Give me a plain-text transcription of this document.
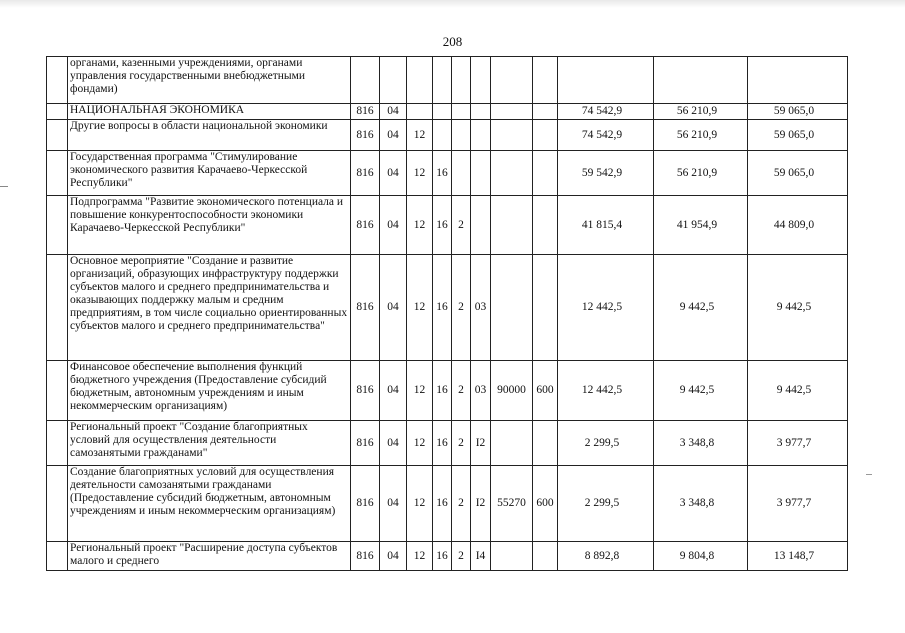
208
	органами, казенными учреждениями, органами управления государственными внебюджетными фондами)											
	НАЦИОНАЛЬНАЯ ЭКОНОМИКА	816	04							74 542,9	56 210,9	59 065,0
	Другие вопросы в области национальной экономики	816	04	12						74 542,9	56 210,9	59 065,0
	Государственная программа "Стимулирование экономического развития Карачаево-Черкесской Республики"	816	04	12	16					59 542,9	56 210,9	59 065,0
	Подпрограмма "Развитие экономического потенциала и повышение конкурентоспособности экономики Карачаево-Черкесской Республики"	816	04	12	16	2				41 815,4	41 954,9	44 809,0
	Основное мероприятие "Создание и развитие организаций, образующих инфраструктуру поддержки субъектов малого и среднего предпринимательства и оказывающих поддержку малым и средним предприятиям, в том числе социально ориентированных субъектов малого и среднего предпринимательства"	816	04	12	16	2	03			12 442,5	9 442,5	9 442,5
	Финансовое обеспечение выполнения функций бюджетного учреждения (Предоставление субсидий бюджетным, автономным учреждениям и иным некоммерческим организациям)	816	04	12	16	2	03	90000	600	12 442,5	9 442,5	9 442,5
	Региональный проект "Создание благоприятных условий для осуществления деятельности самозанятыми гражданами"	816	04	12	16	2	I2			2 299,5	3 348,8	3 977,7
	Создание благоприятных условий для осуществления деятельности самозанятыми гражданами (Предоставление субсидий бюджетным, автономным учреждениям и иным некоммерческим организациям)	816	04	12	16	2	I2	55270	600	2 299,5	3 348,8	3 977,7
	Региональный проект "Расширение доступа субъектов малого и среднего	816	04	12	16	2	I4			8 892,8	9 804,8	13 148,7
